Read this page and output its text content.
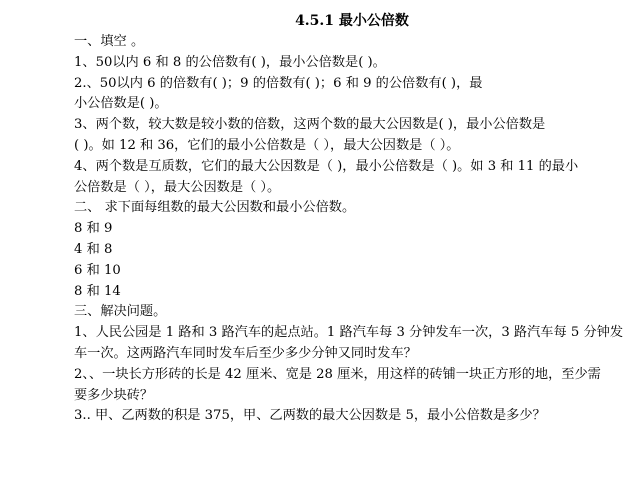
4.5.1 最小公倍数
一、填空 。
1、50以内 6 和 8 的公倍数有( )，最小公倍数是( )。
2.、50以内 6 的倍数有( )；9 的倍数有( )；6 和 9 的公倍数有( )，最
小公倍数是( )。
3、两个数，较大数是较小数的倍数，这两个数的最大公因数是( )，最小公倍数是
( )。如 12 和 36，它们的最小公倍数是（ ），最大公因数是（ ）。
4、两个数是互质数，它们的最大公因数是（ )，最小公倍数是（ )。如 3 和 11 的最小
公倍数是（ ），最大公因数是（ ）。
二、 求下面每组数的最大公因数和最小公倍数。
8 和 9
4 和 8
6 和 10
8 和 14
三、解决问题。
1、人民公园是 1 路和 3 路汽车的起点站。1 路汽车每 3 分钟发车一次，3 路汽车每 5 分钟发
车一次。这两路汽车同时发车后至少多少分钟又同时发车？
2、、一块长方形砖的长是 42 厘米、宽是 28 厘米，用这样的砖铺一块正方形的地，至少需
要多少块砖？
3.. 甲、乙两数的积是 375，甲、乙两数的最大公因数是 5，最小公倍数是多少？
